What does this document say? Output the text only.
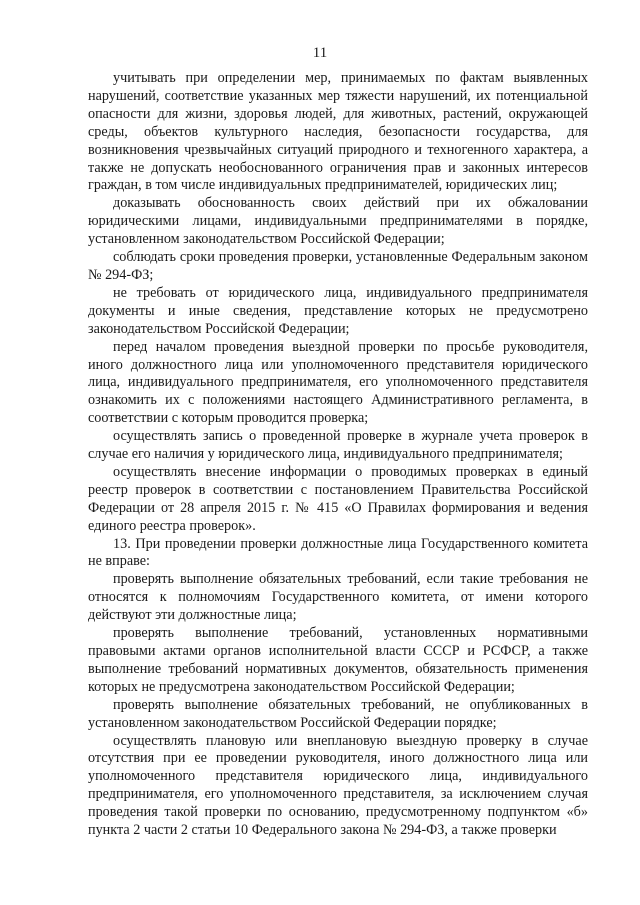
11

учитывать при определении мер, принимаемых по фактам выявленных нарушений, соответствие указанных мер тяжести нарушений, их потенциальной опасности для жизни, здоровья людей, для животных, растений, окружающей среды, объектов культурного наследия, безопасности государства, для возникновения чрезвычайных ситуаций природного и техногенного характера, а также не допускать необоснованного ограничения прав и законных интересов граждан, в том числе индивидуальных предпринимателей, юридических лиц;

доказывать обоснованность своих действий при их обжаловании юридическими лицами, индивидуальными предпринимателями в порядке, установленном законодательством Российской Федерации;

соблюдать сроки проведения проверки, установленные Федеральным законом № 294-ФЗ;

не требовать от юридического лица, индивидуального предпринимателя документы и иные сведения, представление которых не предусмотрено законодательством Российской Федерации;

перед началом проведения выездной проверки по просьбе руководителя, иного должностного лица или уполномоченного представителя юридического лица, индивидуального предпринимателя, его уполномоченного представителя ознакомить их с положениями настоящего Административного регламента, в соответствии с которым проводится проверка;

осуществлять запись о проведенной проверке в журнале учета проверок в случае его наличия у юридического лица, индивидуального предпринимателя;

осуществлять внесение информации о проводимых проверках в единый реестр проверок в соответствии с постановлением Правительства Российской Федерации от 28 апреля 2015 г. № 415 «О Правилах формирования и ведения единого реестра проверок».

13. При проведении проверки должностные лица Государственного комитета не вправе:

проверять выполнение обязательных требований, если такие требования не относятся к полномочиям Государственного комитета, от имени которого действуют эти должностные лица;

проверять выполнение требований, установленных нормативными правовыми актами органов исполнительной власти СССР и РСФСР, а также выполнение требований нормативных документов, обязательность применения которых не предусмотрена законодательством Российской Федерации;

проверять выполнение обязательных требований, не опубликованных в установленном законодательством Российской Федерации порядке;

осуществлять плановую или внеплановую выездную проверку в случае отсутствия при ее проведении руководителя, иного должностного лица или уполномоченного представителя юридического лица, индивидуального предпринимателя, его уполномоченного представителя, за исключением случая проведения такой проверки по основанию, предусмотренному подпунктом «б» пункта 2 части 2 статьи 10 Федерального закона № 294-ФЗ, а также проверки
